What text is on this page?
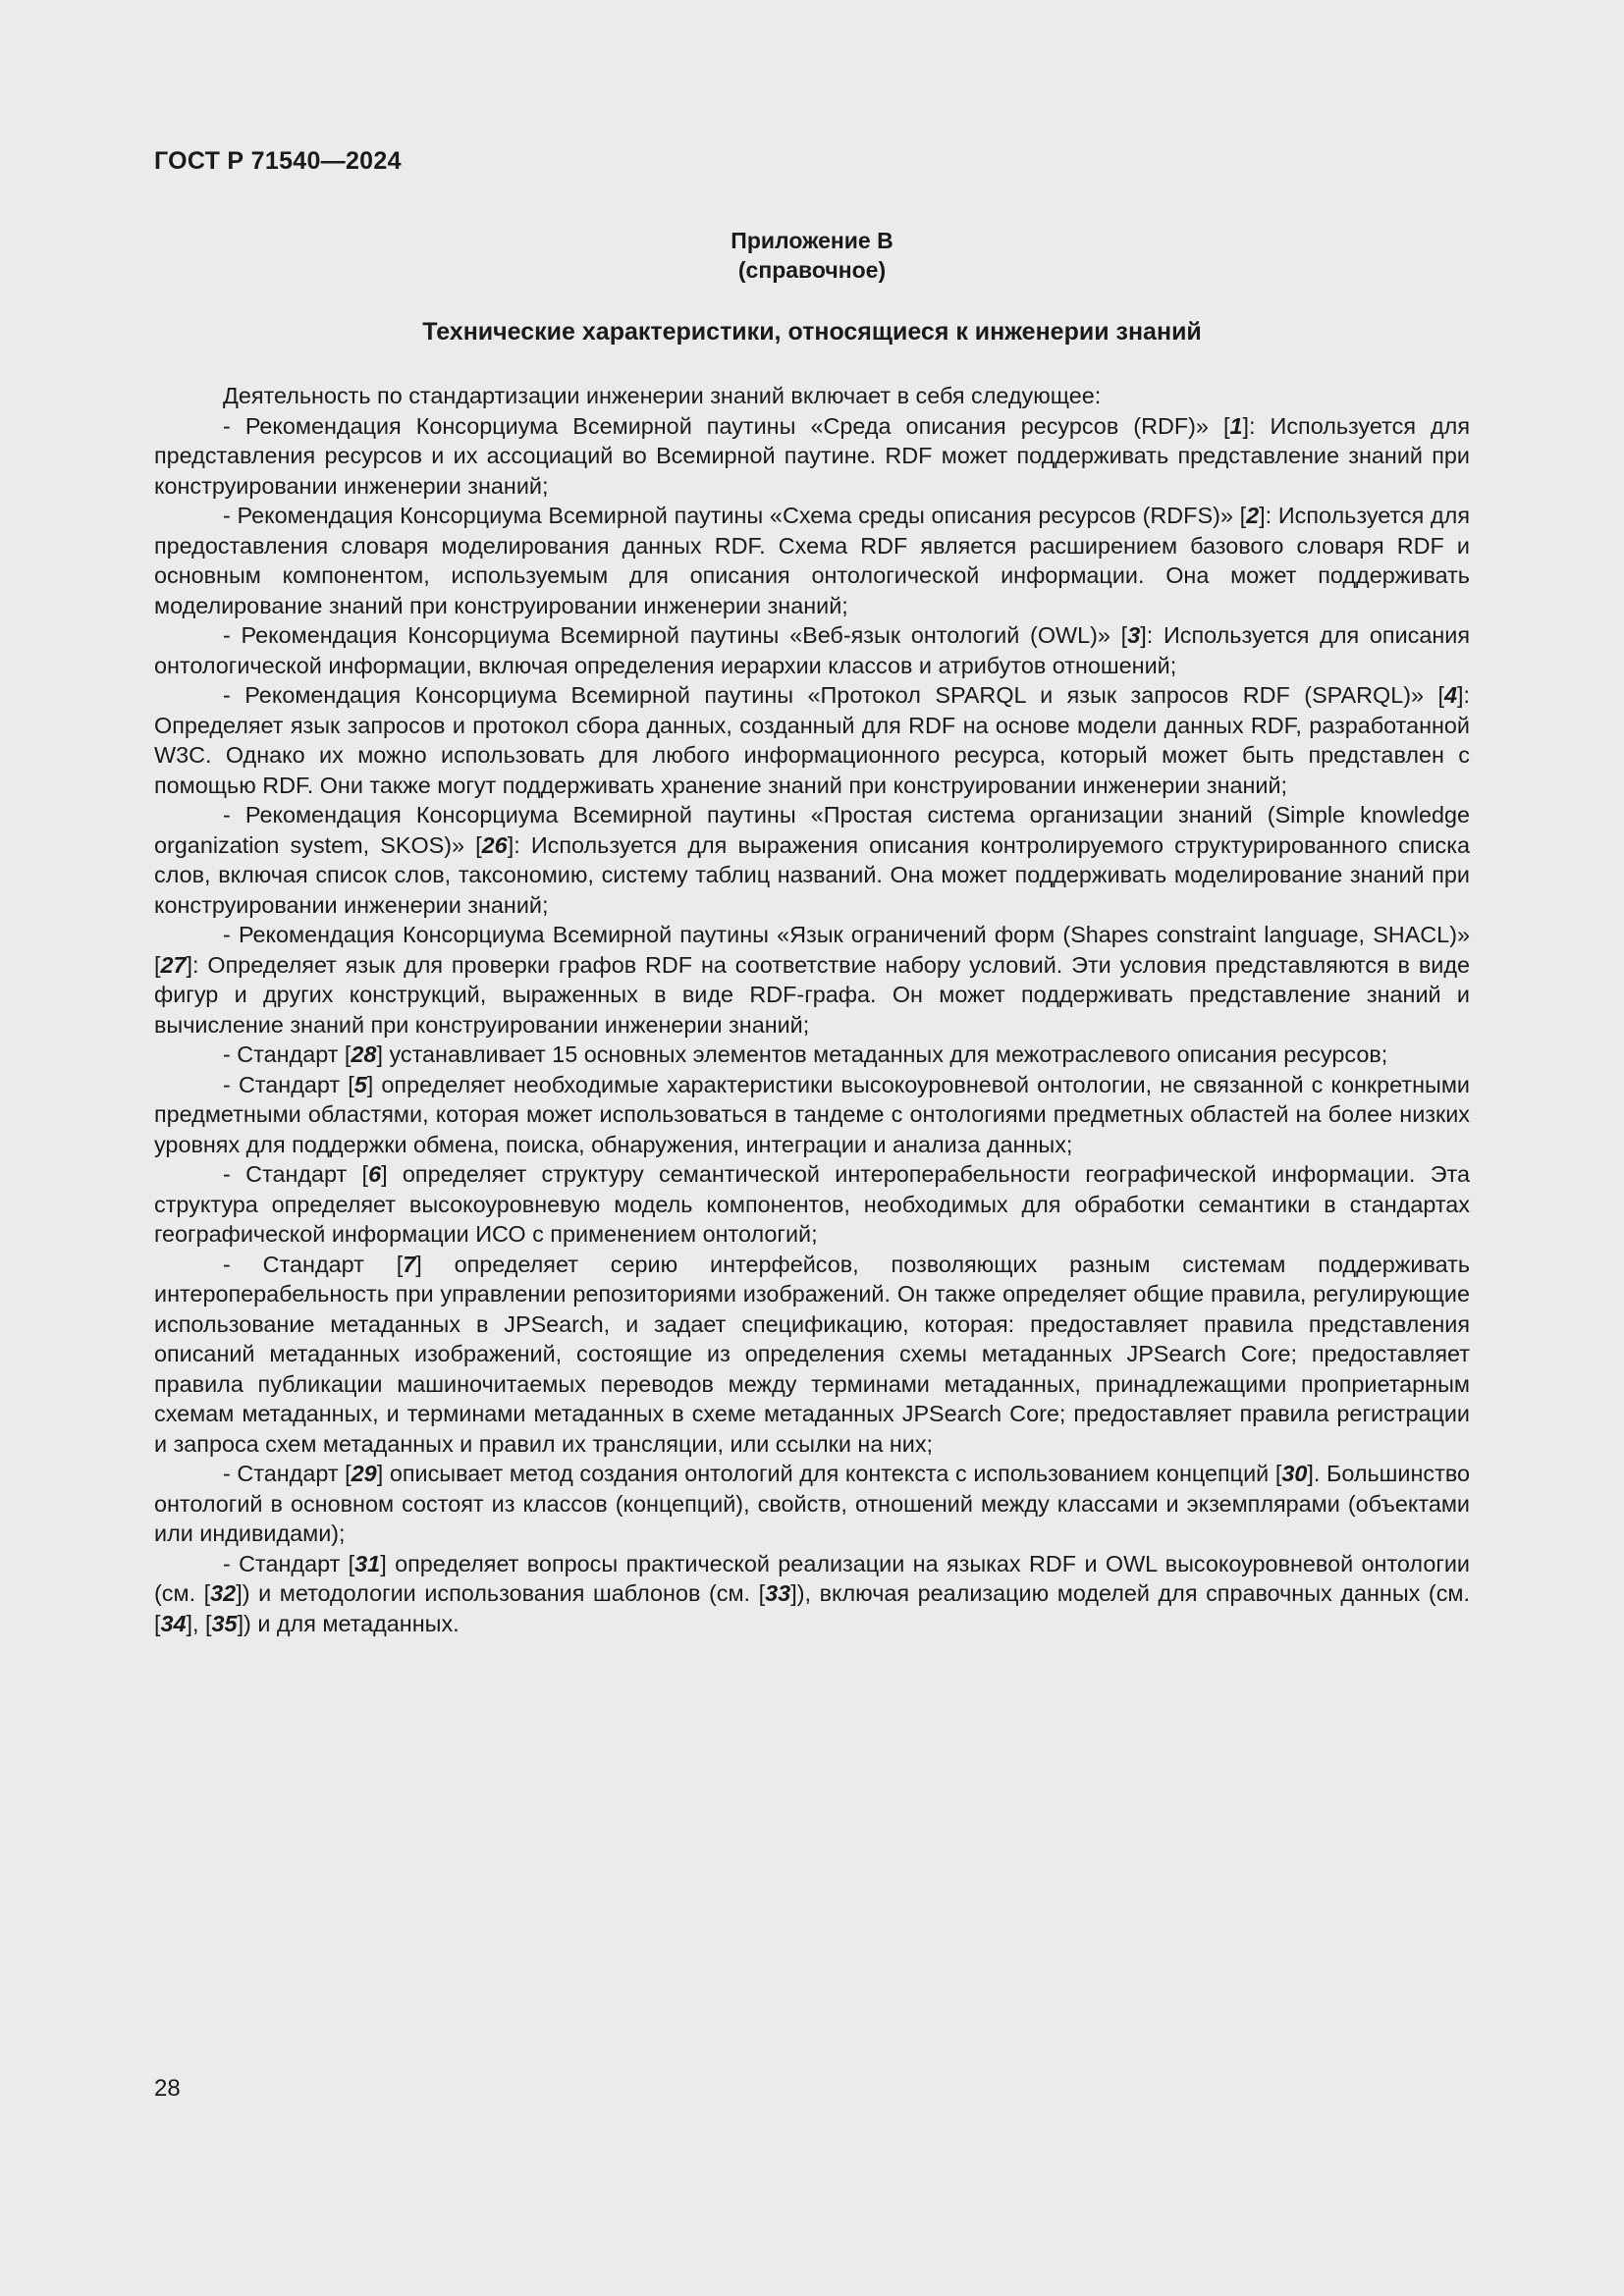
ГОСТ Р 71540—2024
Приложение В
(справочное)
Технические характеристики, относящиеся к инженерии знаний

Деятельность по стандартизации инженерии знаний включает в себя следующее:

- Рекомендация Консорциума Всемирной паутины «Среда описания ресурсов (RDF)» [1]: Используется для представления ресурсов и их ассоциаций во Всемирной паутине. RDF может поддерживать представление знаний при конструировании инженерии знаний;

- Рекомендация Консорциума Всемирной паутины «Схема среды описания ресурсов (RDFS)» [2]: Используется для предоставления словаря моделирования данных RDF. Схема RDF является расширением базового словаря RDF и основным компонентом, используемым для описания онтологической информации. Она может поддерживать моделирование знаний при конструировании инженерии знаний;

- Рекомендация Консорциума Всемирной паутины «Веб-язык онтологий (OWL)» [3]: Используется для описания онтологической информации, включая определения иерархии классов и атрибутов отношений;

- Рекомендация Консорциума Всемирной паутины «Протокол SPARQL и язык запросов RDF (SPARQL)» [4]: Определяет язык запросов и протокол сбора данных, созданный для RDF на основе модели данных RDF, разработанной W3C. Однако их можно использовать для любого информационного ресурса, который может быть представлен с помощью RDF. Они также могут поддерживать хранение знаний при конструировании инженерии знаний;

- Рекомендация Консорциума Всемирной паутины «Простая система организации знаний (Simple knowledge organization system, SKOS)» [26]: Используется для выражения описания контролируемого структурированного списка слов, включая список слов, таксономию, систему таблиц названий. Она может поддерживать моделирование знаний при конструировании инженерии знаний;

- Рекомендация Консорциума Всемирной паутины «Язык ограничений форм (Shapes constraint language, SHACL)» [27]: Определяет язык для проверки графов RDF на соответствие набору условий. Эти условия представляются в виде фигур и других конструкций, выраженных в виде RDF-графа. Он может поддерживать представление знаний и вычисление знаний при конструировании инженерии знаний;

- Стандарт [28] устанавливает 15 основных элементов метаданных для межотраслевого описания ресурсов;

- Стандарт [5] определяет необходимые характеристики высокоуровневой онтологии, не связанной с конкретными предметными областями, которая может использоваться в тандеме с онтологиями предметных областей на более низких уровнях для поддержки обмена, поиска, обнаружения, интеграции и анализа данных;

- Стандарт [6] определяет структуру семантической интероперабельности географической информации. Эта структура определяет высокоуровневую модель компонентов, необходимых для обработки семантики в стандартах географической информации ИСО с применением онтологий;

- Стандарт [7] определяет серию интерфейсов, позволяющих разным системам поддерживать интероперабельность при управлении репозиториями изображений. Он также определяет общие правила, регулирующие использование метаданных в JPSearch, и задает спецификацию, которая: предоставляет правила представления описаний метаданных изображений, состоящие из определения схемы метаданных JPSearch Core; предоставляет правила публикации машиночитаемых переводов между терминами метаданных, принадлежащими проприетарным схемам метаданных, и терминами метаданных в схеме метаданных JPSearch Core; предоставляет правила регистрации и запроса схем метаданных и правил их трансляции, или ссылки на них;

- Стандарт [29] описывает метод создания онтологий для контекста с использованием концепций [30]. Большинство онтологий в основном состоят из классов (концепций), свойств, отношений между классами и экземплярами (объектами или индивидами);

- Стандарт [31] определяет вопросы практической реализации на языках RDF и OWL высокоуровневой онтологии (см. [32]) и методологии использования шаблонов (см. [33]), включая реализацию моделей для справочных данных (см. [34], [35]) и для метаданных.

28
